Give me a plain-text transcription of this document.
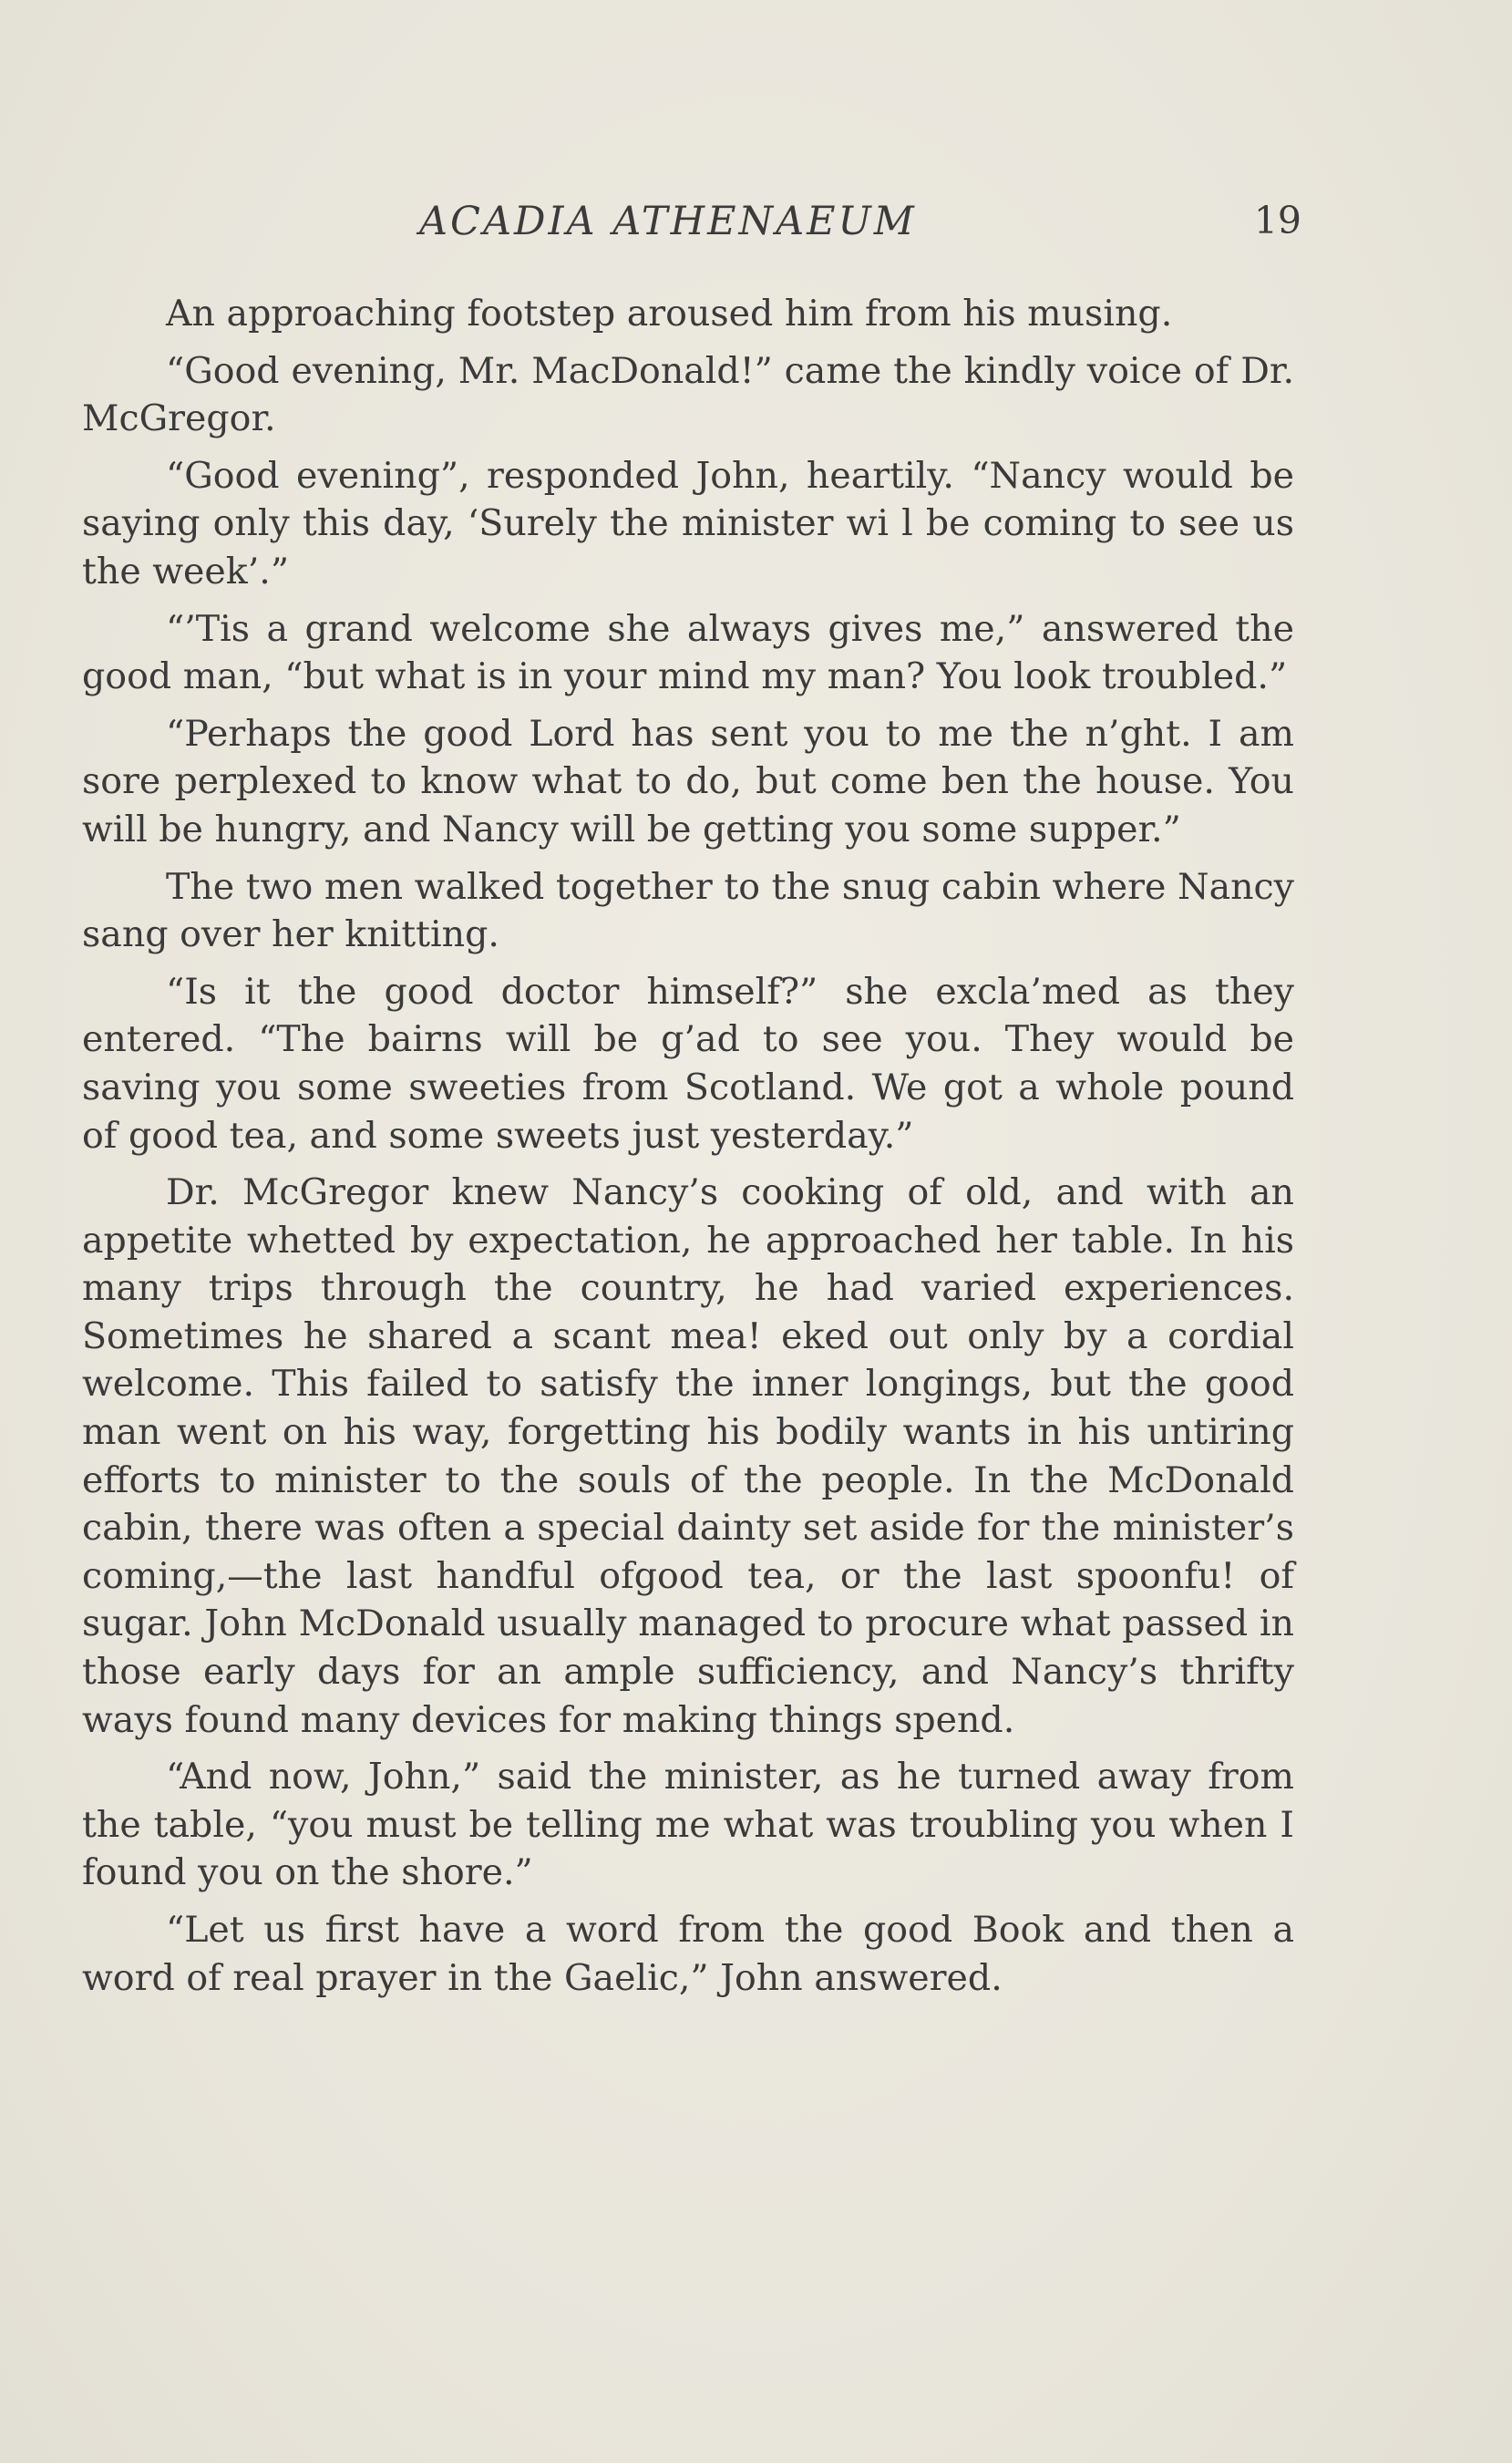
ACADIA ATHENAEUM	19

An approaching footstep aroused him from his musing.

“Good evening, Mr. MacDonald!” came the kindly voice of Dr. McGregor.

“Good evening”, responded John, heartily. “Nancy would be saying only this day, ‘Surely the minister wi l be coming to see us the week’.”

“’Tis a grand welcome she always gives me,” answered the good man, “but what is in your mind my man? You look troubled.”

“Perhaps the good Lord has sent you to me the n’ght. I am sore perplexed to know what to do, but come ben the house. You will be hungry, and Nancy will be getting you some supper.”

The two men walked together to the snug cabin where Nancy sang over her knitting.

“Is it the good doctor himself?” she excla’med as they entered. “The bairns will be g’ad to see you. They would be saving you some sweeties from Scotland. We got a whole pound of good tea, and some sweets just yesterday.”

Dr. McGregor knew Nancy’s cooking of old, and with an appetite whetted by expectation, he approached her table. In his many trips through the country, he had varied experiences. Sometimes he shared a scant mea! eked out only by a cordial welcome. This failed to satisfy the inner longings, but the good man went on his way, forgetting his bodily wants in his untiring efforts to minister to the souls of the people. In the McDonald cabin, there was often a special dainty set aside for the minister’s coming,—the last handful ofgood tea, or the last spoonfu! of sugar. John McDonald usually managed to procure what passed in those early days for an ample sufficiency, and Nancy’s thrifty ways found many devices for making things spend.

“And now, John,” said the minister, as he turned away from the table, “you must be telling me what was troubling you when I found you on the shore.”

“Let us first have a word from the good Book and then a word of real prayer in the Gaelic,” John answered.
